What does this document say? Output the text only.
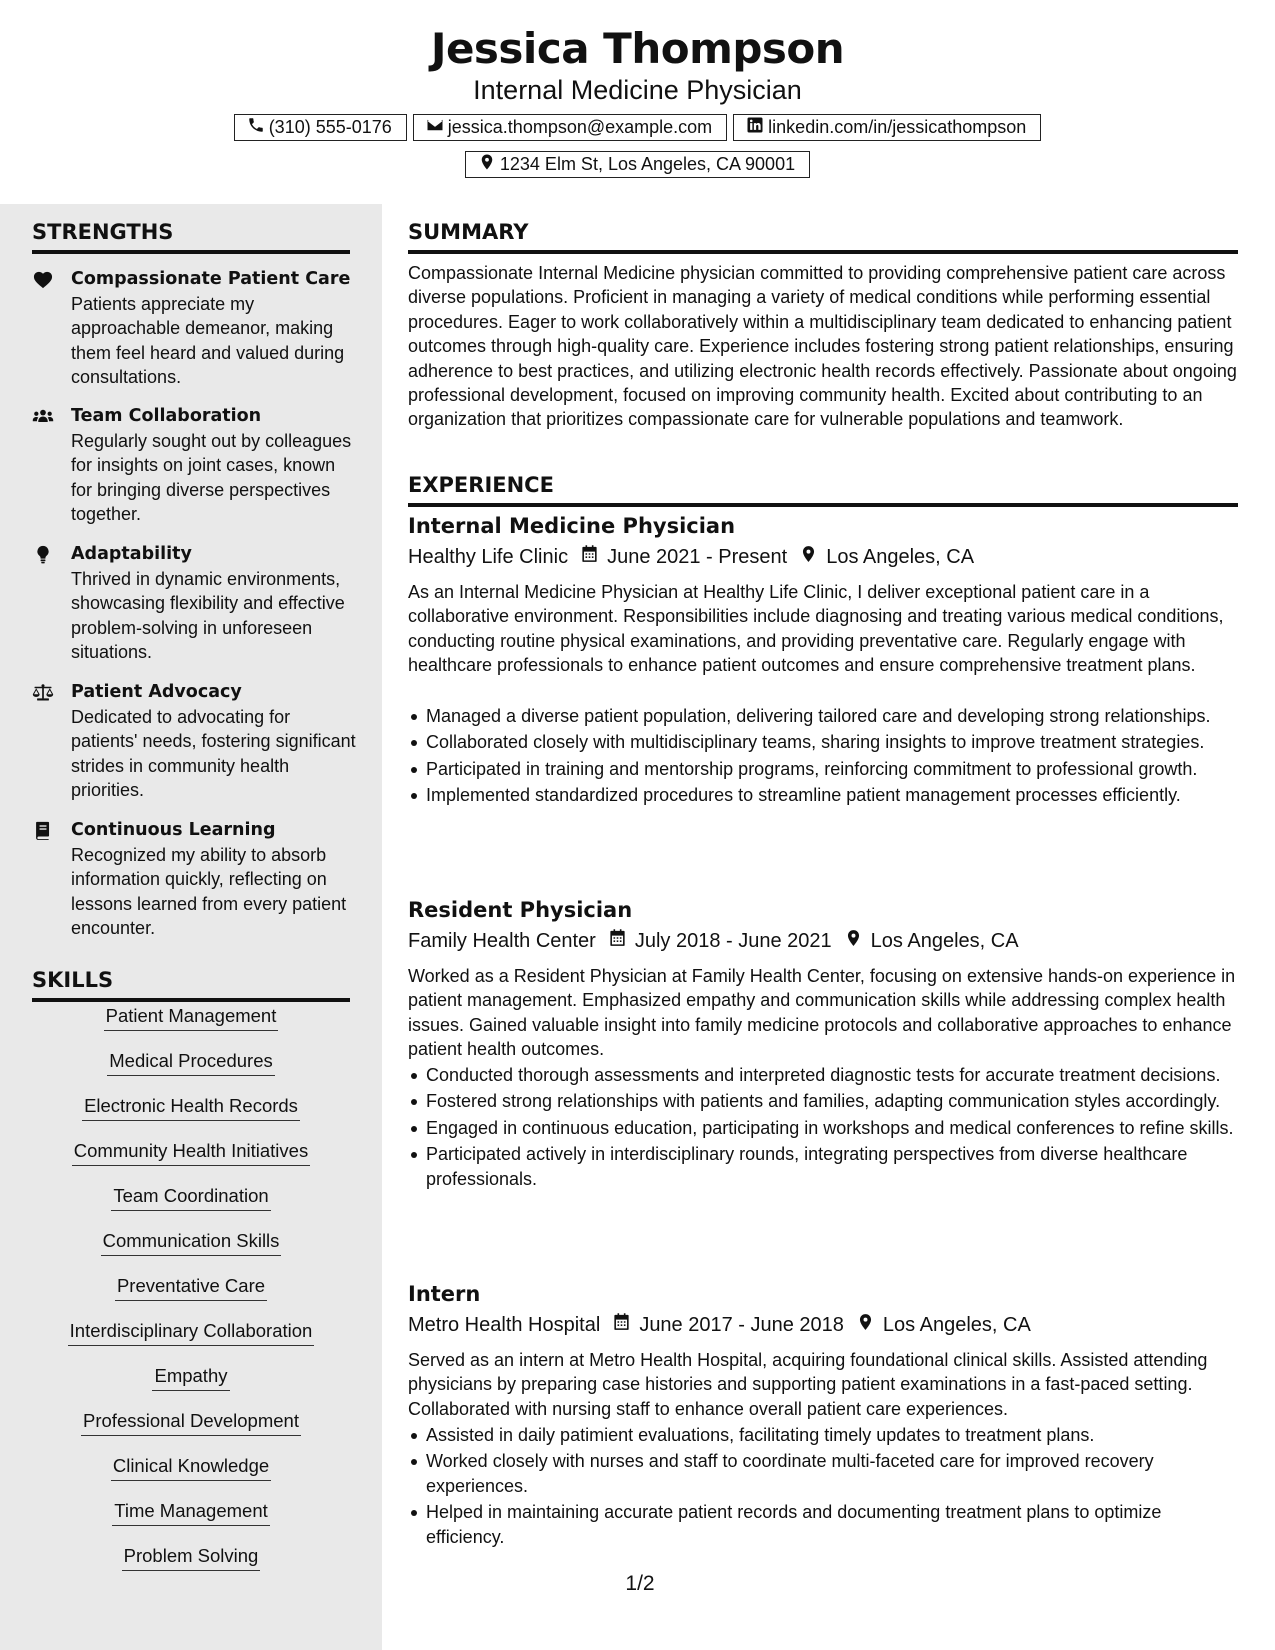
Jessica Thompson
Internal Medicine Physician
(310) 555-0176	jessica.thompson@example.com	linkedin.com/in/jessicathompson
1234 Elm St, Los Angeles, CA 90001
STRENGTHS
Compassionate Patient Care
Patients appreciate my approachable demeanor, making them feel heard and valued during consultations.
Team Collaboration
Regularly sought out by colleagues for insights on joint cases, known for bringing diverse perspectives together.
Adaptability
Thrived in dynamic environments, showcasing flexibility and effective problem-solving in unforeseen situations.
Patient Advocacy
Dedicated to advocating for patients' needs, fostering significant strides in community health priorities.
Continuous Learning
Recognized my ability to absorb information quickly, reflecting on lessons learned from every patient encounter.
SKILLS
Patient Management
Medical Procedures
Electronic Health Records
Community Health Initiatives
Team Coordination
Communication Skills
Preventative Care
Interdisciplinary Collaboration
Empathy
Professional Development
Clinical Knowledge
Time Management
Problem Solving
SUMMARY
Compassionate Internal Medicine physician committed to providing comprehensive patient care across diverse populations. Proficient in managing a variety of medical conditions while performing essential procedures. Eager to work collaboratively within a multidisciplinary team dedicated to enhancing patient outcomes through high-quality care. Experience includes fostering strong patient relationships, ensuring adherence to best practices, and utilizing electronic health records effectively. Passionate about ongoing professional development, focused on improving community health. Excited about contributing to an organization that prioritizes compassionate care for vulnerable populations and teamwork.
EXPERIENCE
Internal Medicine Physician
Healthy Life Clinic June 2021 - Present Los Angeles, CA
As an Internal Medicine Physician at Healthy Life Clinic, I deliver exceptional patient care in a collaborative environment. Responsibilities include diagnosing and treating various medical conditions, conducting routine physical examinations, and providing preventative care. Regularly engage with healthcare professionals to enhance patient outcomes and ensure comprehensive treatment plans.
Managed a diverse patient population, delivering tailored care and developing strong relationships.
Collaborated closely with multidisciplinary teams, sharing insights to improve treatment strategies.
Participated in training and mentorship programs, reinforcing commitment to professional growth.
Implemented standardized procedures to streamline patient management processes efficiently.
Resident Physician
Family Health Center July 2018 - June 2021 Los Angeles, CA
Worked as a Resident Physician at Family Health Center, focusing on extensive hands-on experience in patient management. Emphasized empathy and communication skills while addressing complex health issues. Gained valuable insight into family medicine protocols and collaborative approaches to enhance patient health outcomes.
Conducted thorough assessments and interpreted diagnostic tests for accurate treatment decisions.
Fostered strong relationships with patients and families, adapting communication styles accordingly.
Engaged in continuous education, participating in workshops and medical conferences to refine skills.
Participated actively in interdisciplinary rounds, integrating perspectives from diverse healthcare professionals.
Intern
Metro Health Hospital June 2017 - June 2018 Los Angeles, CA
Served as an intern at Metro Health Hospital, acquiring foundational clinical skills. Assisted attending physicians by preparing case histories and supporting patient examinations in a fast-paced setting. Collaborated with nursing staff to enhance overall patient care experiences.
Assisted in daily patimient evaluations, facilitating timely updates to treatment plans.
Worked closely with nurses and staff to coordinate multi-faceted care for improved recovery experiences.
Helped in maintaining accurate patient records and documenting treatment plans to optimize efficiency.
1/2
